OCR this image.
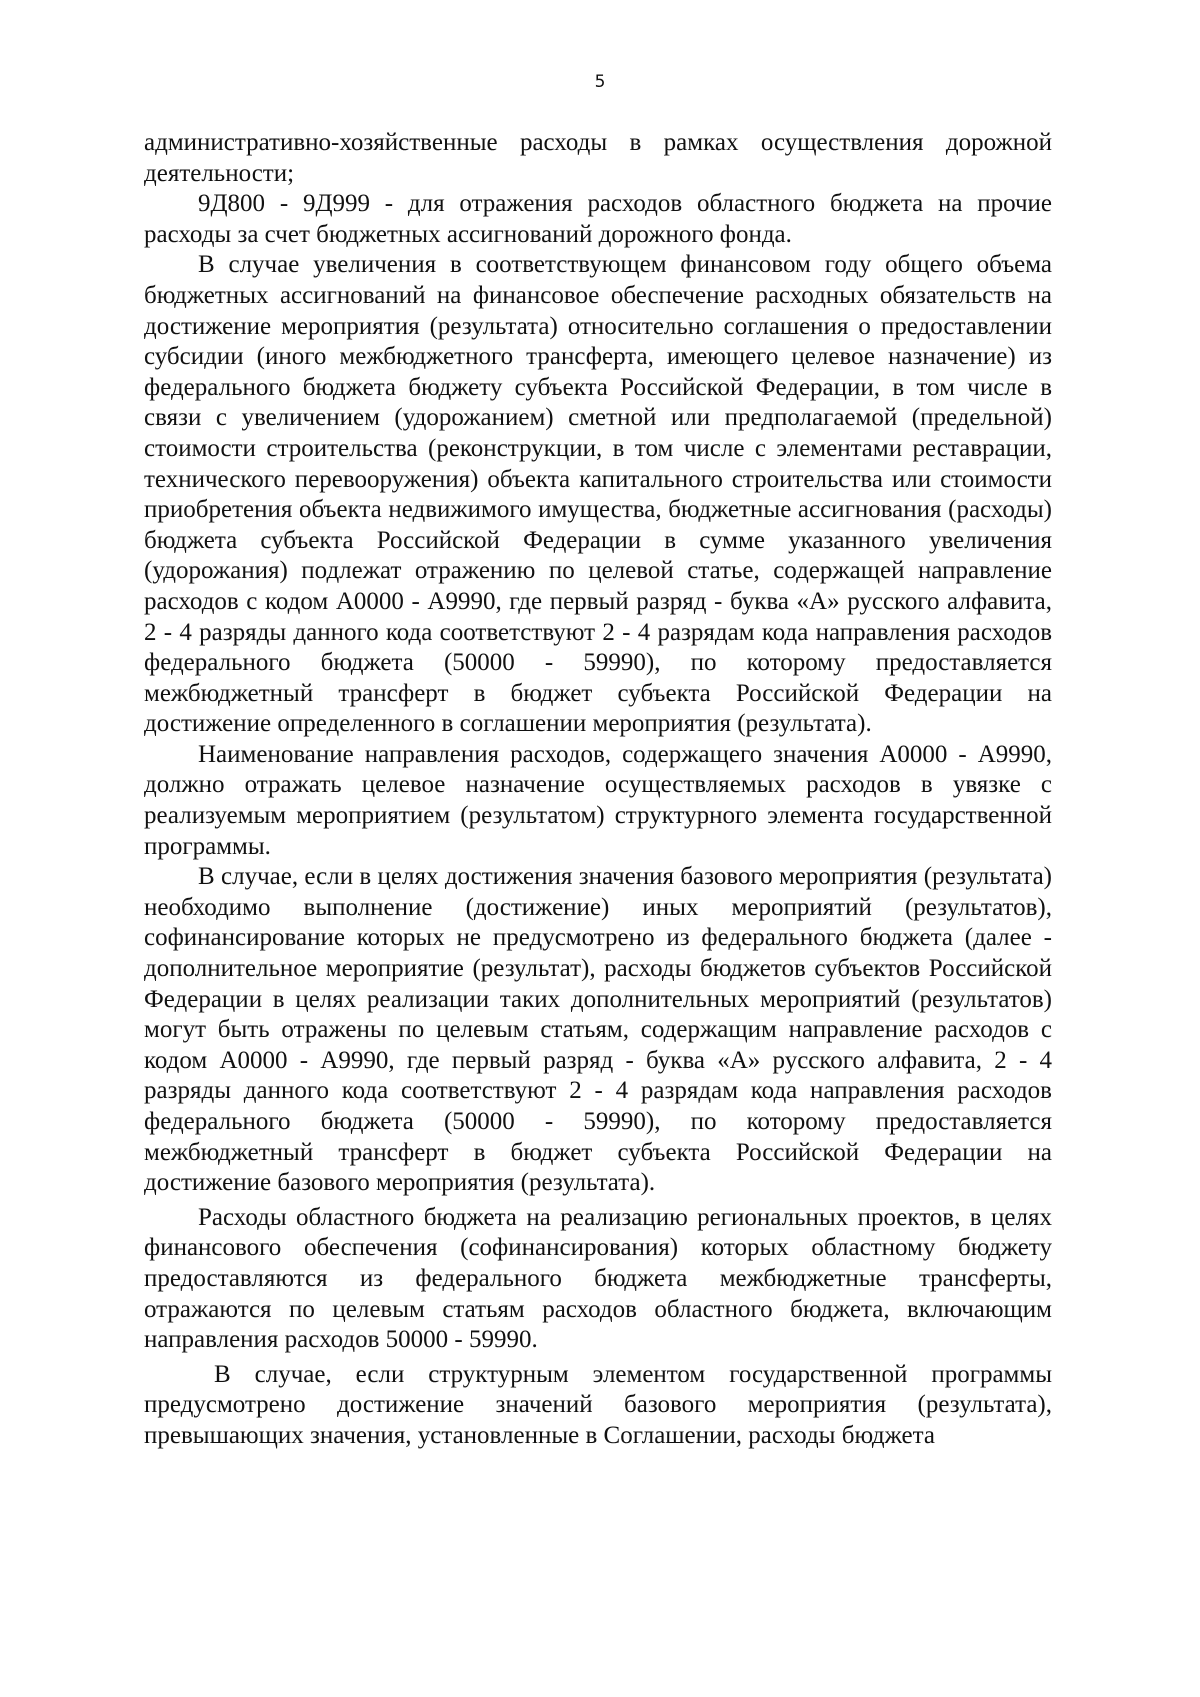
5

административно-хозяйственные расходы в рамках осуществления дорожной деятельности;

9Д800 - 9Д999 - для отражения расходов областного бюджета на прочие расходы за счет бюджетных ассигнований дорожного фонда.

В случае увеличения в соответствующем финансовом году общего объема бюджетных ассигнований на финансовое обеспечение расходных обязательств на достижение мероприятия (результата) относительно соглашения о предоставлении субсидии (иного межбюджетного трансферта, имеющего целевое назначение) из федерального бюджета бюджету субъекта Российской Федерации, в том числе в связи с увеличением (удорожанием) сметной или предполагаемой (предельной) стоимости строительства (реконструкции, в том числе с элементами реставрации, технического перевооружения) объекта капитального строительства или стоимости приобретения объекта недвижимого имущества, бюджетные ассигнования (расходы) бюджета субъекта Российской Федерации в сумме указанного увеличения (удорожания) подлежат отражению по целевой статье, содержащей направление расходов с кодом А0000 - А9990, где первый разряд - буква «А» русского алфавита, 2 - 4 разряды данного кода соответствуют 2 - 4 разрядам кода направления расходов федерального бюджета (50000 - 59990), по которому предоставляется межбюджетный трансферт в бюджет субъекта Российской Федерации на достижение определенного в соглашении мероприятия (результата).

Наименование направления расходов, содержащего значения А0000 - А9990, должно отражать целевое назначение осуществляемых расходов в увязке с реализуемым мероприятием (результатом) структурного элемента государственной программы.

В случае, если в целях достижения значения базового мероприятия (результата) необходимо выполнение (достижение) иных мероприятий (результатов), софинансирование которых не предусмотрено из федерального бюджета (далее - дополнительное мероприятие (результат), расходы бюджетов субъектов Российской Федерации в целях реализации таких дополнительных мероприятий (результатов) могут быть отражены по целевым статьям, содержащим направление расходов с кодом А0000 - А9990, где первый разряд - буква «А» русского алфавита, 2 - 4 разряды данного кода соответствуют 2 - 4 разрядам кода направления расходов федерального бюджета (50000 - 59990), по которому предоставляется межбюджетный трансферт в бюджет субъекта Российской Федерации на достижение базового мероприятия (результата).

Расходы областного бюджета на реализацию региональных проектов, в целях финансового обеспечения (софинансирования) которых областному бюджету предоставляются из федерального бюджета межбюджетные трансферты, отражаются по целевым статьям расходов областного бюджета, включающим направления расходов 50000 - 59990.

В случае, если структурным элементом государственной программы предусмотрено достижение значений базового мероприятия (результата), превышающих значения, установленные в Соглашении, расходы бюджета
